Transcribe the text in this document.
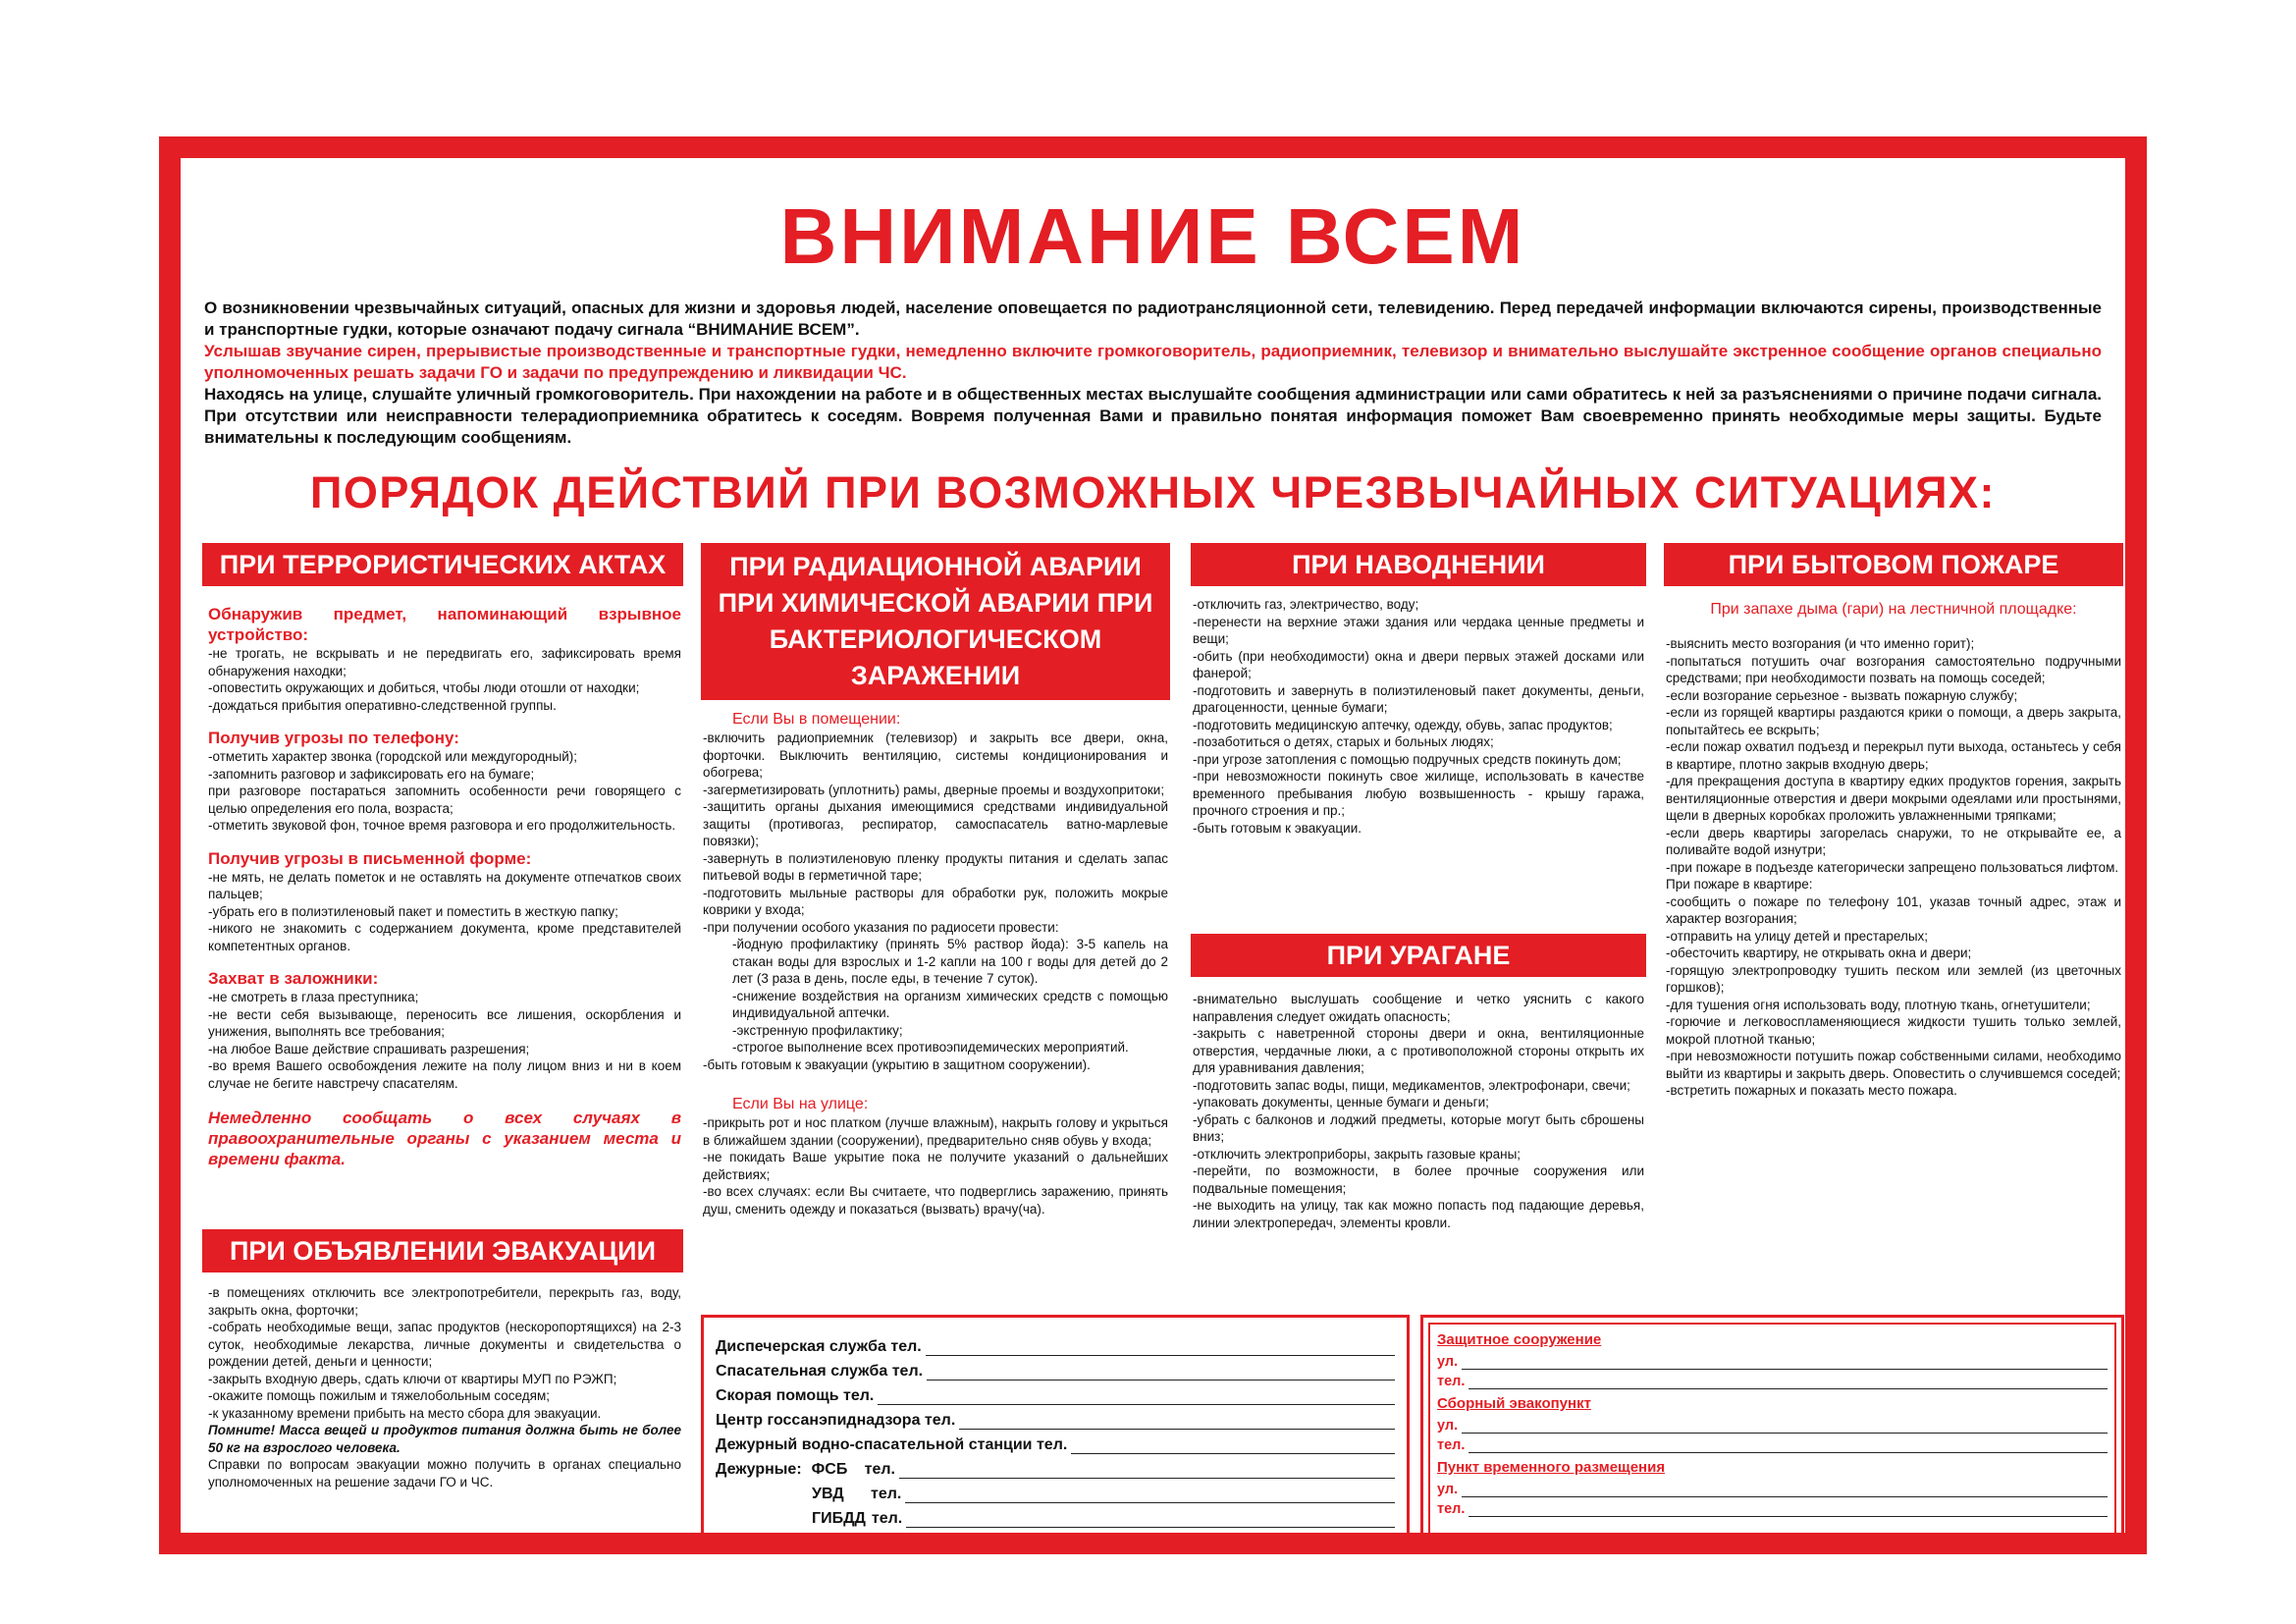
ВНИМАНИЕ ВСЕМ

О возникновении чрезвычайных ситуаций, опасных для жизни и здоровья людей, население оповещается по радиотрансляционной сети, телевидению. Перед передачей информации включаются сирены, производственные и транспортные гудки, которые означают подачу сигнала “ВНИМАНИЕ ВСЕМ”.

Услышав звучание сирен, прерывистые производственные и транспортные гудки, немедленно включите громкоговоритель, радиоприемник, телевизор и внимательно выслушайте экстренное сообщение органов специально уполномоченных решать задачи ГО и задачи по предупреждению и ликвидации ЧС.

Находясь на улице, слушайте уличный громкоговоритель. При нахождении на работе и в общественных местах выслушайте сообщения администрации или сами обратитесь к ней за разъяснениями о причине подачи сигнала. При отсутствии или неисправности телерадиоприемника обратитесь к соседям. Вовремя полученная Вами и правильно понятая информация поможет Вам своевременно принять необходимые меры защиты. Будьте внимательны к последующим сообщениям.

ПОРЯДОК ДЕЙСТВИЙ ПРИ ВОЗМОЖНЫХ ЧРЕЗВЫЧАЙНЫХ СИТУАЦИЯХ:
ПРИ ТЕРРОРИСТИЧЕСКИХ АКТАХ
Обнаружив предмет, напоминающий взрывное устройство:
-не трогать, не вскрывать и не передвигать его, зафиксировать время обнаружения находки;
-оповестить окружающих и добиться, чтобы люди отошли от находки;
-дождаться прибытия оперативно-следственной группы.
Получив угрозы по телефону:
-отметить характер звонка (городской или междугородный);
-запомнить разговор и зафиксировать его на бумаге;
при разговоре постараться запомнить особенности речи говорящего с целью определения его пола, возраста;
-отметить звуковой фон, точное время разговора и его продолжительность.
Получив угрозы в письменной форме:
-не мять, не делать пометок и не оставлять на документе отпечатков своих пальцев;
-убрать его в полиэтиленовый пакет и поместить в жесткую папку;
-никого не знакомить с содержанием документа, кроме представителей компетентных органов.
Захват в заложники:
-не смотреть в глаза преступника;
-не вести себя вызывающе, переносить все лишения, оскорбления и унижения, выполнять все требования;
-на любое Ваше действие спрашивать разрешения;
-во время Вашего освобождения лежите на полу лицом вниз и ни в коем случае не бегите навстречу спасателям.
Немедленно сообщать о всех случаях в правоохранительные органы с указанием места и времени факта.
ПРИ ОБЪЯВЛЕНИИ ЭВАКУАЦИИ
-в помещениях отключить все электропотребители, перекрыть газ, воду, закрыть окна, форточки;
-собрать необходимые вещи, запас продуктов (нескоропортящихся) на 2-3 суток, необходимые лекарства, личные документы и свидетельства о рождении детей, деньги и ценности;
-закрыть входную дверь, сдать ключи от квартиры МУП по РЭЖП;
-окажите помощь пожилым и тяжелобольным соседям;
-к указанному времени прибыть на место сбора для эвакуации.
Помните! Масса вещей и продуктов питания должна быть не более 50 кг на взрослого человека.
Справки по вопросам эвакуации можно получить в органах специально уполномоченных на решение задачи ГО и ЧС.
ПРИ РАДИАЦИОННОЙ АВАРИИ ПРИ ХИМИЧЕСКОЙ АВАРИИ ПРИ БАКТЕРИОЛОГИЧЕСКОМ ЗАРАЖЕНИИ
Если Вы в помещении:
-включить радиоприемник (телевизор) и закрыть все двери, окна, форточки. Выключить вентиляцию, системы кондиционирования и обогрева;
-загерметизировать (уплотнить) рамы, дверные проемы и воздухопритоки;
-защитить органы дыхания имеющимися средствами индивидуальной защиты (противогаз, респиратор, самоспасатель ватно-марлевые повязки);
-завернуть в полиэтиленовую пленку продукты питания и сделать запас питьевой воды в герметичной таре;
-подготовить мыльные растворы для обработки рук, положить мокрые коврики у входа;
-при получении особого указания по радиосети провести:
-йодную профилактику (принять 5% раствор йода): 3-5 капель на стакан воды для взрослых и 1-2 капли на 100 г воды для детей до 2 лет (3 раза в день, после еды, в течение 7 суток).
-снижение воздействия на организм химических средств с помощью индивидуальной аптечки.
-экстренную профилактику;
-строгое выполнение всех противоэпидемических мероприятий.
-быть готовым к эвакуации (укрытию в защитном сооружении).
Если Вы на улице:
-прикрыть рот и нос платком (лучше влажным), накрыть голову и укрыться в ближайшем здании (сооружении), предварительно сняв обувь у входа;
-не покидать Ваше укрытие пока не получите указаний о дальнейших действиях;
-во всех случаях: если Вы считаете, что подверглись заражению, принять душ, сменить одежду и показаться (вызвать) врачу(ча).
ПРИ НАВОДНЕНИИ
-отключить газ, электричество, воду;
-перенести на верхние этажи здания или чердака ценные предметы и вещи;
-обить (при необходимости) окна и двери первых этажей досками или фанерой;
-подготовить и завернуть в полиэтиленовый пакет документы, деньги, драгоценности, ценные бумаги;
-подготовить медицинскую аптечку, одежду, обувь, запас продуктов;
-позаботиться о детях, старых и больных людях;
-при угрозе затопления с помощью подручных средств покинуть дом;
-при невозможности покинуть свое жилище, использовать в качестве временного пребывания любую возвышенность - крышу гаража, прочного строения и пр.;
-быть готовым к эвакуации.
ПРИ УРАГАНЕ
-внимательно выслушать сообщение и четко уяснить с какого направления следует ожидать опасность;
-закрыть с наветренной стороны двери и окна, вентиляционные отверстия, чердачные люки, а с противоположной стороны открыть их для уравнивания давления;
-подготовить запас воды, пищи, медикаментов, электрофонари, свечи;
-упаковать документы, ценные бумаги и деньги;
-убрать с балконов и лоджий предметы, которые могут быть сброшены вниз;
-отключить электроприборы, закрыть газовые краны;
-перейти, по возможности, в более прочные сооружения или подвальные помещения;
-не выходить на улицу, так как можно попасть под падающие деревья, линии электропередач, элементы кровли.
ПРИ БЫТОВОМ ПОЖАРЕ
При запахе дыма (гари) на лестничной площадке:
-выяснить место возгорания (и что именно горит);
-попытаться потушить очаг возгорания самостоятельно подручными средствами; при необходимости позвать на помощь соседей;
-если возгорание серьезное - вызвать пожарную службу;
-если из горящей квартиры раздаются крики о помощи, а дверь закрыта, попытайтесь ее вскрыть;
-если пожар охватил подъезд и перекрыл пути выхода, останьтесь у себя в квартире, плотно закрыв входную дверь;
-для прекращения доступа в квартиру едких продуктов горения, закрыть вентиляционные отверстия и двери мокрыми одеялами или простынями, щели в дверных коробках проложить увлажненными тряпками;
-если дверь квартиры загорелась снаружи, то не открывайте ее, а поливайте водой изнутри;
-при пожаре в подъезде категорически запрещено пользоваться лифтом.
При пожаре в квартире:
-сообщить о пожаре по телефону 101, указав точный адрес, этаж и характер возгорания;
-отправить на улицу детей и престарелых;
-обесточить квартиру, не открывать окна и двери;
-горящую электропроводку тушить песком или землей (из цветочных горшков);
-для тушения огня использовать воду, плотную ткань, огнетушители;
-горючие и легковоспламеняющиеся жидкости тушить только землей, мокрой плотной тканью;
-при невозможности потушить пожар собственными силами, необходимо выйти из квартиры и закрыть дверь. Оповестить о случившемся соседей;
-встретить пожарных и показать место пожара.
Диспечерская служба тел.
Спасательная служба тел.
Скорая помощь тел.
Центр госсанэпиднадзора тел.
Дежурный водно-спасательной станции тел.
Дежурные: ФСБ	тел.
УВД	тел.
ГИБДД тел.
Защитное сооружение
ул.
тел.
Сборный эвакопункт
ул.
тел.
Пункт временного размещения
ул.
тел.
